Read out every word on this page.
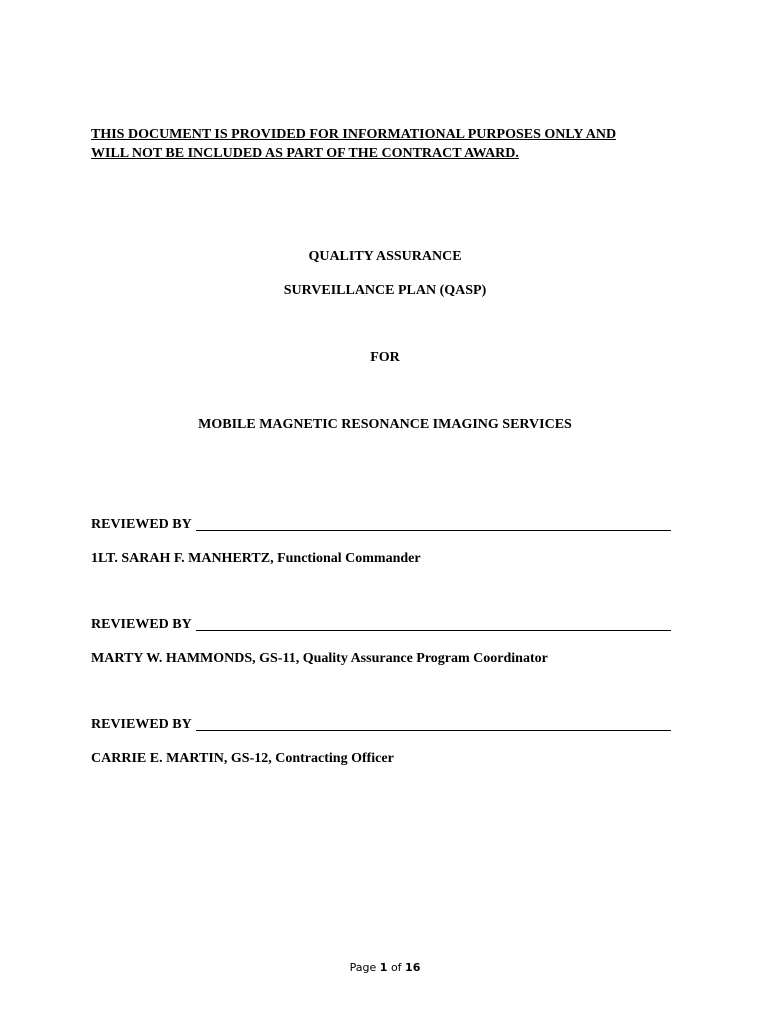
THIS DOCUMENT IS PROVIDED FOR INFORMATIONAL PURPOSES ONLY AND
WILL NOT BE INCLUDED AS PART OF THE CONTRACT AWARD.
QUALITY ASSURANCE
SURVEILLANCE PLAN (QASP)
FOR
MOBILE MAGNETIC RESONANCE IMAGING SERVICES
REVIEWED BY
1LT. SARAH F. MANHERTZ, Functional Commander
REVIEWED BY
MARTY W. HAMMONDS, GS-11, Quality Assurance Program Coordinator
REVIEWED BY
CARRIE E. MARTIN, GS-12, Contracting Officer
Page 1 of 16
